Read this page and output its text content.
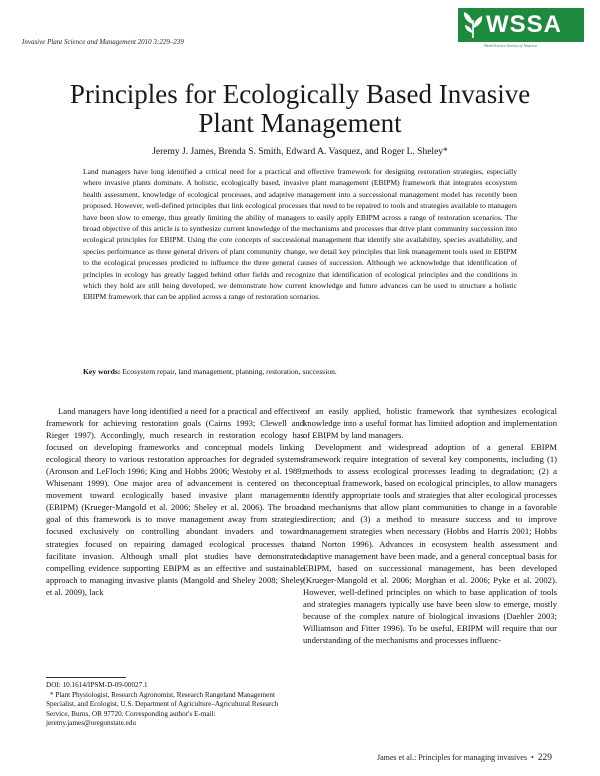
Invasive Plant Science and Management 2010 3:229–239
WSSA
Weed Science Society of America
Principles for Ecologically Based Invasive
Plant Management
Jeremy J. James, Brenda S. Smith, Edward A. Vasquez, and Roger L. Sheley*

Land managers have long identified a critical need for a practical and effective framework for designing restoration strategies, especially where invasive plants dominate. A holistic, ecologically based, invasive plant management (EBIPM) framework that integrates ecosystem health assessment, knowledge of ecological processes, and adaptive management into a successional management model has recently been proposed. However, well-defined principles that link ecological processes that need to be repaired to tools and strategies available to managers have been slow to emerge, thus greatly limiting the ability of managers to easily apply EBIPM across a range of restoration scenarios. The broad objective of this article is to synthesize current knowledge of the mechanisms and processes that drive plant community succession into ecological principles for EBIPM. Using the core concepts of successional management that identify site availability, species availability, and species performance as three general drivers of plant community change, we detail key principles that link management tools used in EBIPM to the ecological processes predicted to influence the three general causes of succession. Although we acknowledge that identification of principles in ecology has greatly lagged behind other fields and recognize that identification of ecological principles and the conditions in which they hold are still being developed, we demonstrate how current knowledge and future advances can be used to structure a holistic EBIPM framework that can be applied across a range of restoration scenarios.

Key words: Ecosystem repair, land management, planning, restoration, succession.

Land managers have long identified a need for a practical and effective framework for achieving restoration goals (Cairns 1993; Clewell and Rieger 1997). Accordingly, much research in restoration ecology has focused on developing frameworks and conceptual models linking ecological theory to various restoration approaches for degraded systems (Aronson and LeFloch 1996; King and Hobbs 2006; Westoby et al. 1989; Whisenant 1999). One major area of advancement is centered on the movement toward ecologically based invasive plant management (EBIPM) (Krueger-Mangold et al. 2006; Sheley et al. 2006). The broad goal of this framework is to move management away from strategies focused exclusively on controlling abundant invaders and toward strategies focused on repairing damaged ecological processes that facilitate invasion. Although small plot studies have demonstrated compelling evidence supporting EBIPM as an effective and sustainable approach to managing invasive plants (Mangold and Sheley 2008; Sheley et al. 2009), lack

of an easily applied, holistic framework that synthesizes ecological knowledge into a useful format has limited adoption and implementation of EBIPM by land managers.

Development and widespread adoption of a general EBIPM framework require integration of several key components, including (1) methods to assess ecological processes leading to degradation; (2) a conceptual framework, based on ecological principles, to allow managers to identify appropriate tools and strategies that alter ecological processes and mechanisms that allow plant communities to change in a favorable direction; and (3) a method to measure success and to improve management strategies when necessary (Hobbs and Harris 2001; Hobbs and Norton 1996). Advances in ecosystem health assessment and adaptive management have been made, and a general conceptual basis for EBIPM, based on successional management, has been developed (Krueger-Mangold et al. 2006; Morghan et al. 2006; Pyke et al. 2002). However, well-defined principles on which to base application of tools and strategies managers typically use have been slow to emerge, mostly because of the complex nature of biological invasions (Daehler 2003; Williamson and Fitter 1996). To be useful, EBIPM will require that our understanding of the mechanisms and processes influenc-

DOI: 10.1614/IPSM-D-09-00027.1
* Plant Physiologist, Research Agronomist, Research Rangeland Management Specialist, and Ecologist, U.S. Department of Agriculture–Agricultural Research Service, Burns, OR 97720. Corresponding author's E-mail: jeremy.james@oregonstate.edu
James et al.: Principles for managing invasives • 229
